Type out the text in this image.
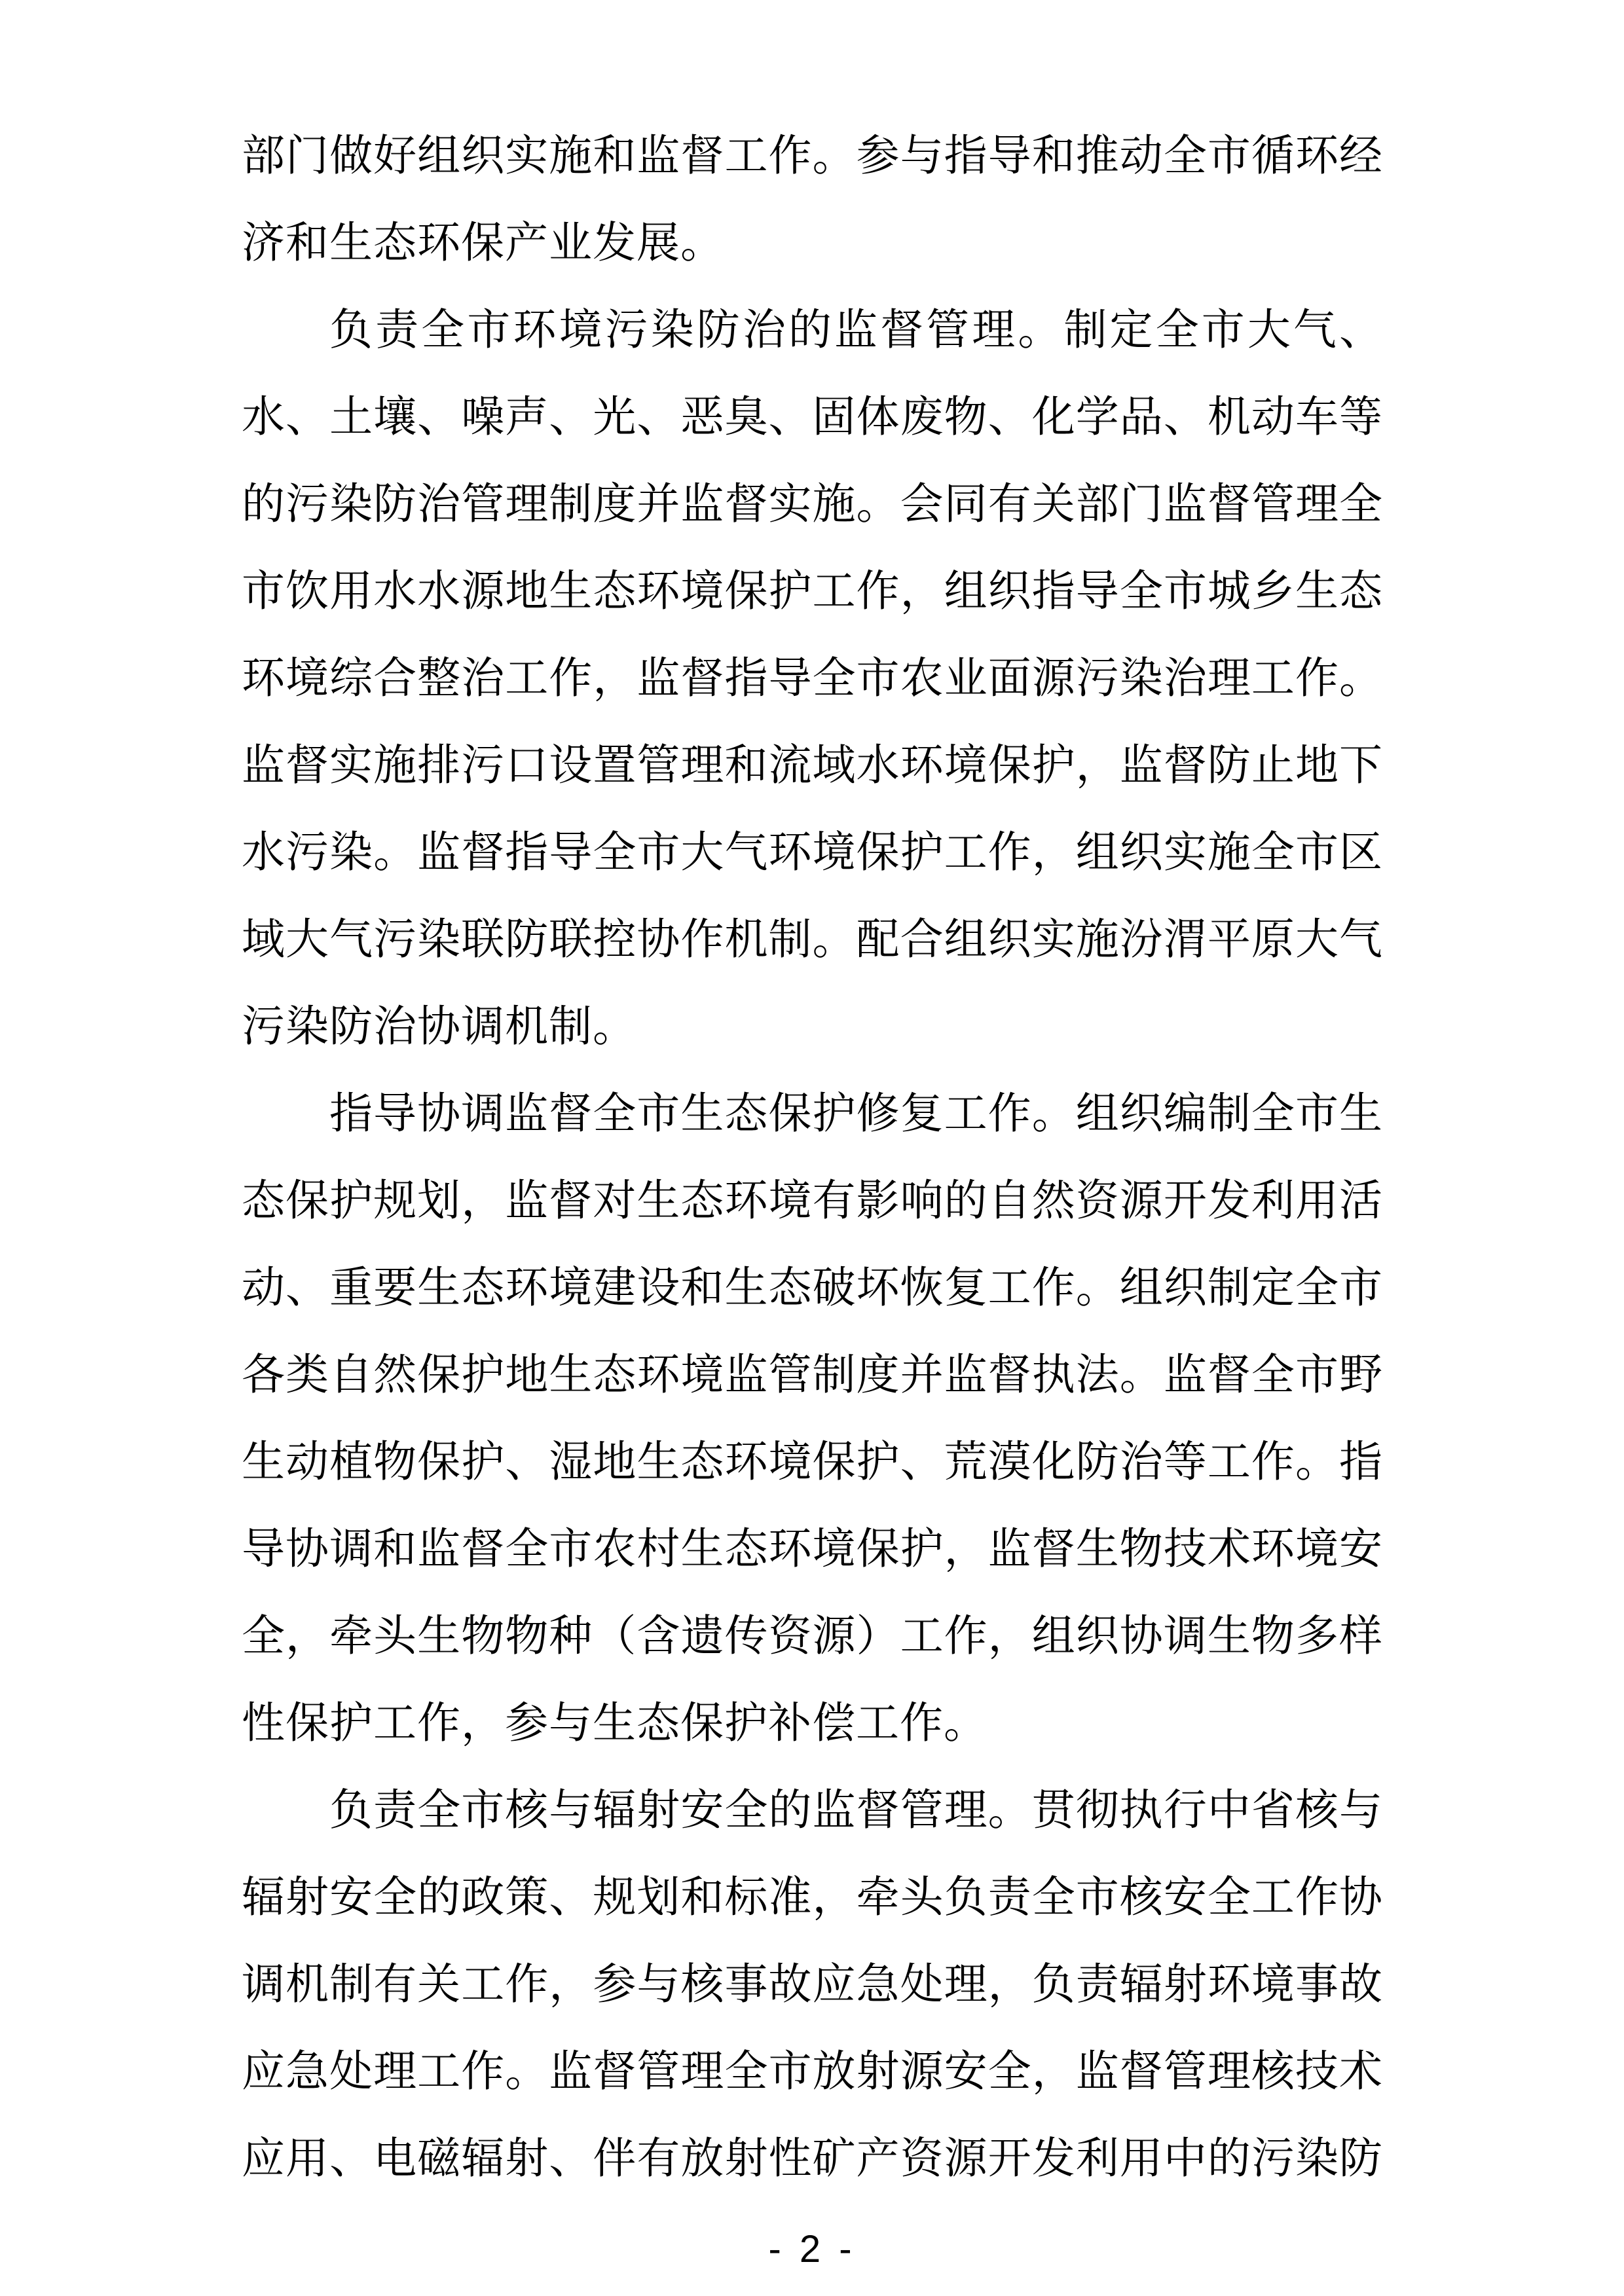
部门做好组织实施和监督工作。参与指导和推动全市循环经
济和生态环保产业发展。
负责全市环境污染防治的监督管理。制定全市大气、
水、土壤、噪声、光、恶臭、固体废物、化学品、机动车等
的污染防治管理制度并监督实施。会同有关部门监督管理全
市饮用水水源地生态环境保护工作，组织指导全市城乡生态
环境综合整治工作，监督指导全市农业面源污染治理工作。
监督实施排污口设置管理和流域水环境保护，监督防止地下
水污染。监督指导全市大气环境保护工作，组织实施全市区
域大气污染联防联控协作机制。配合组织实施汾渭平原大气
污染防治协调机制。
指导协调监督全市生态保护修复工作。组织编制全市生
态保护规划，监督对生态环境有影响的自然资源开发利用活
动、重要生态环境建设和生态破坏恢复工作。组织制定全市
各类自然保护地生态环境监管制度并监督执法。监督全市野
生动植物保护、湿地生态环境保护、荒漠化防治等工作。指
导协调和监督全市农村生态环境保护，监督生物技术环境安
全，牵头生物物种（含遗传资源）工作，组织协调生物多样
性保护工作，参与生态保护补偿工作。
负责全市核与辐射安全的监督管理。贯彻执行中省核与
辐射安全的政策、规划和标准，牵头负责全市核安全工作协
调机制有关工作，参与核事故应急处理，负责辐射环境事故
应急处理工作。监督管理全市放射源安全，监督管理核技术
应用、电磁辐射、伴有放射性矿产资源开发利用中的污染防
- 2 -
